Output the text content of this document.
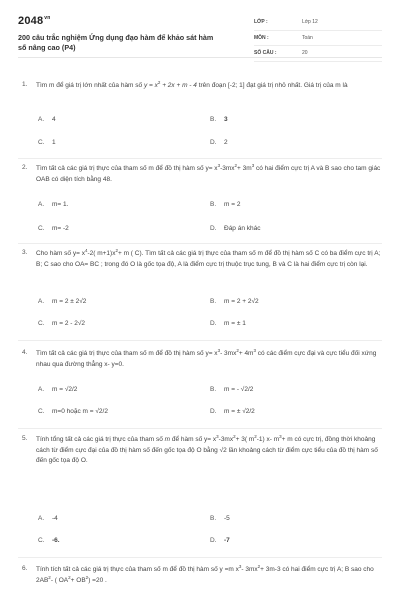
$2048^{vn}$
200 câu trắc nghiệm Ứng dụng đạo hàm để khảo sát hàm số nâng cao (P4)
LỚP :	Lớp 12
MÔN :	Toán
SỐ CÂU :	20
1. Tìm m để giá trị lớn nhất của hàm số $y = x^2 + 2x + m - 4$ trên đoạn [-2; 1] đạt giá trị nhỏ nhất. Giá trị của m là
A. 4	B. 3
C. 1	D. 2
2. Tìm tất cả các giá trị thực của tham số m để đồ thị hàm số $y= x^3-3mx^2+ 3m^3$ có hai điểm cực trị A và B sao cho tam giác OAB có diện tích bằng 48.
A. m= 1.	B. m = 2
C. m= -2	D. Đáp án khác
3. Cho hàm số $y= x^4-2$( $m+1)x^2+ m$ ( C). Tìm tất cả các giá trị thực của tham số m để đồ thị hàm số C có ba điểm cực trị A; B; C sao cho OA= BC ; trong đó O là gốc tọa độ, A là điểm cực trị thuộc trục tung, B và C là hai điểm cực trị còn lại.
A. m = 2 ± 2√2	B. m = 2 + 2√2
C. m = 2 - 2√2	D. m = ± 1
4. Tìm tất cả các giá trị thực của tham số m để đồ thị hàm số $y= x^3-$ $3mx^2+ 4m^3$ có các điểm cực đại và cực tiểu đối xứng nhau qua đường thẳng x- y=0.
A. m = √2/2	B. m = - √2/2
C. m=0 hoặc m = √2/2	D. m = ± √2/2
5. Tính tổng tất cả các giá trị thực của tham số m để hàm số $y= x^3-3mx^2+ 3$( $m^2-1$) x- $m^3+ m$ có cực trị, đồng thời khoảng cách từ điểm cực đại của đồ thị hàm số đến gốc tọa độ O bằng √2 lần khoảng cách từ điểm cực tiểu của đồ thị hàm số đến gốc tọa độ O.
A. -4	B. -5
C. -6.	D. -7
6. Tính tích tất cả các giá trị thực của tham số m để đồ thị hàm số y =m $x^3-$ $3mx^2+ 3m-3$ có hai điểm cực trị A; B sao cho $2AB^2-$ ( $OA^2+ OB^2) =20$ .
